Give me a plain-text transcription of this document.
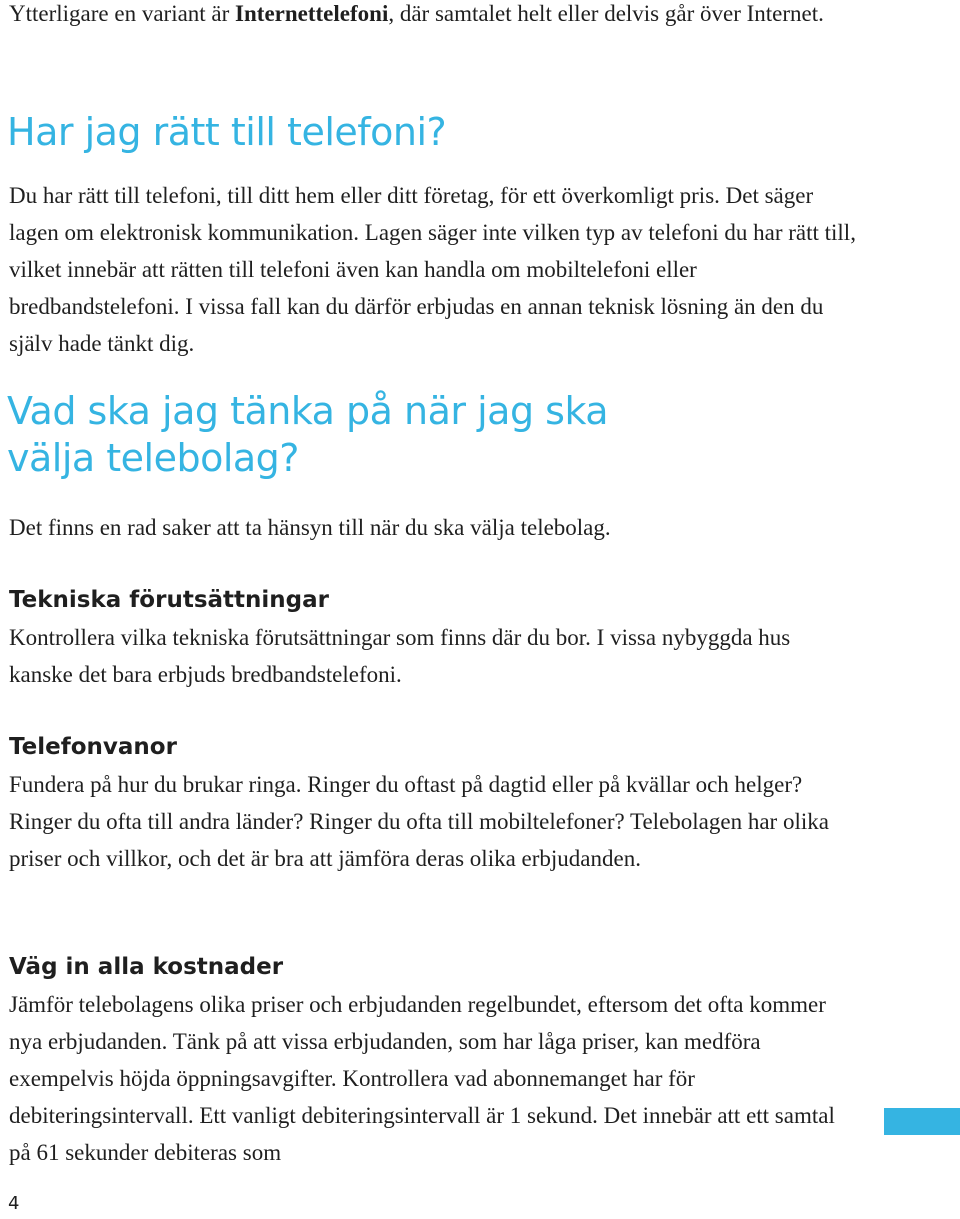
Ytterligare en variant är Internettelefoni, där samtalet helt eller delvis går över Internet.

Har jag rätt till telefoni?

Du har rätt till telefoni, till ditt hem eller ditt företag, för ett överkomligt pris. Det säger lagen om elektronisk kommunikation. Lagen säger inte vilken typ av telefoni du har rätt till, vilket innebär att rätten till telefoni även kan handla om mobiltelefoni eller bredbandstelefoni. I vissa fall kan du därför erbjudas en annan teknisk lösning än den du själv hade tänkt dig.

Vad ska jag tänka på när jag ska
välja telebolag?

Det finns en rad saker att ta hänsyn till när du ska välja telebolag.

Tekniska förutsättningar

Kontrollera vilka tekniska förutsättningar som finns där du bor. I vissa nybyggda hus kanske det bara erbjuds bredbandstelefoni.

Telefonvanor

Fundera på hur du brukar ringa. Ringer du oftast på dagtid eller på kvällar och helger? Ringer du ofta till andra länder? Ringer du ofta till mobiltelefoner? Telebolagen har olika priser och villkor, och det är bra att jämföra deras olika erbjudanden.

Väg in alla kostnader

Jämför telebolagens olika priser och erbjudanden regelbundet, eftersom det ofta kommer nya erbjudanden. Tänk på att vissa erbjudanden, som har låga priser, kan medföra exempelvis höjda öppningsavgifter. Kontrollera vad abonnemanget har för debiteringsintervall. Ett vanligt debiteringsintervall är 1 sekund. Det innebär att ett samtal på 61 sekunder debiteras som

4
